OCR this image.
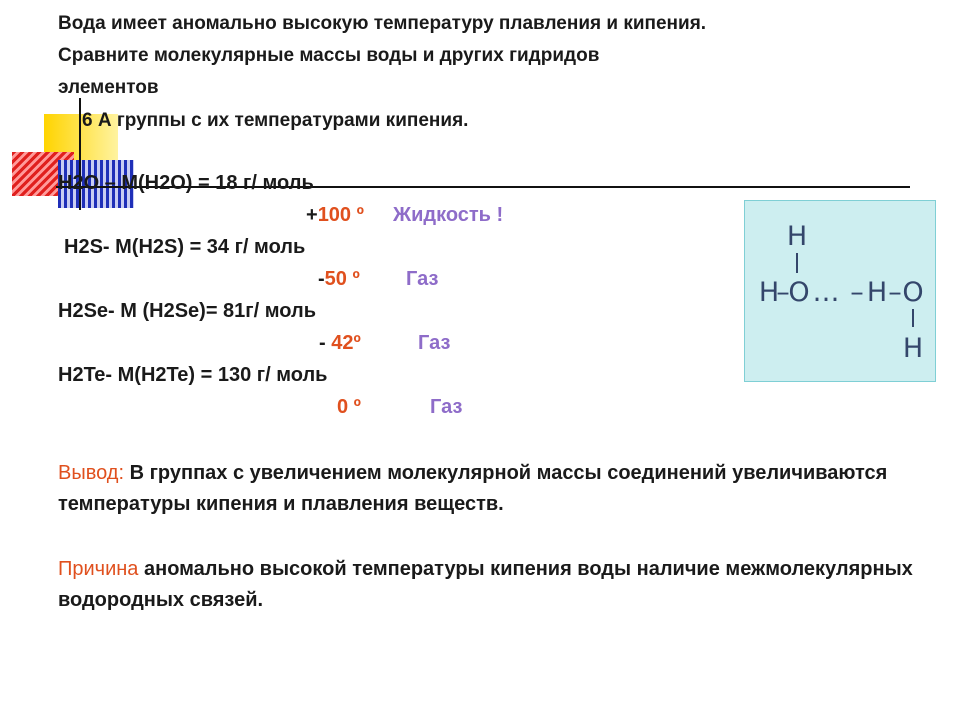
Вода имеет аномально высокую температуру плавления и кипения.
Сравните молекулярные массы воды и других гидридов
элементов
6 А группы с их температурами кипения.
H2O – M(H2O) = 18 г/ моль
+100 º Жидкость !
H2S- M(H2S) = 34 г/ моль
-50 º Газ
H2Se- M (H2Se)= 81г/ моль
- 42º	Газ
H2Te- M(H2Te) = 130 г/ моль
0 º	Газ
Вывод: В группах с увеличением молекулярной массы соединений увеличиваются температуры кипения и плавления веществ.
Причина аномально высокой температуры кипения воды наличие межмолекулярных водородных связей.
H
H
–
O … – H – O
H
